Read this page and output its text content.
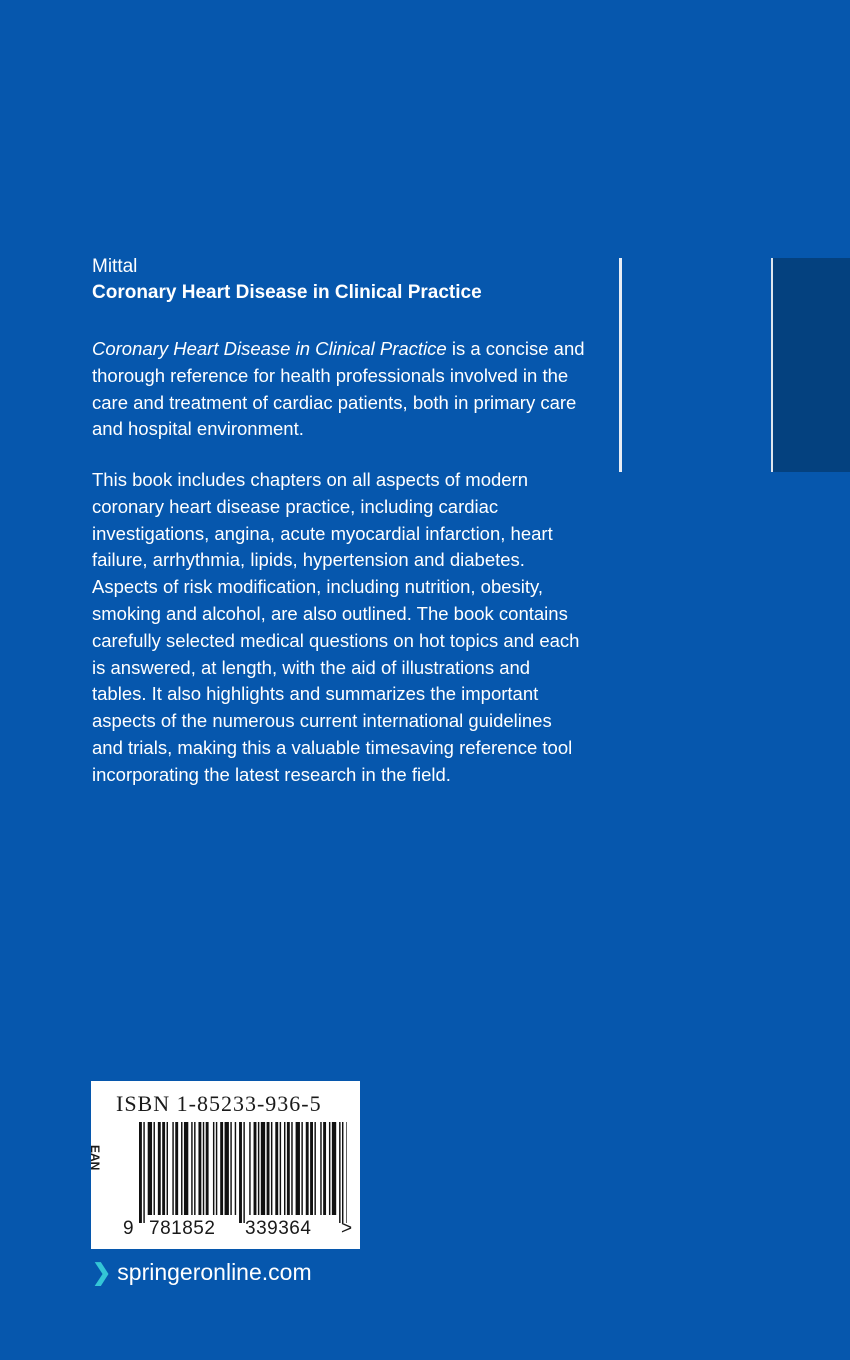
Mittal
Coronary Heart Disease in Clinical Practice
Coronary Heart Disease in Clinical Practice is a concise and thorough reference for health professionals involved in the care and treatment of cardiac patients, both in primary care and hospital environment.
This book includes chapters on all aspects of modern coronary heart disease practice, including cardiac investigations, angina, acute myocardial infarction, heart failure, arrhythmia, lipids, hypertension and diabetes. Aspects of risk modification, including nutrition, obesity, smoking and alcohol, are also outlined. The book contains carefully selected medical questions on hot topics and each is answered, at length, with the aid of illustrations and tables. It also highlights and summarizes the important aspects of the numerous current international guidelines and trials, making this a valuable timesaving reference tool incorporating the latest research in the field.
ISBN 1-85233-936-5
EAN
9 781852 339364 >
❯ springeronline.com
